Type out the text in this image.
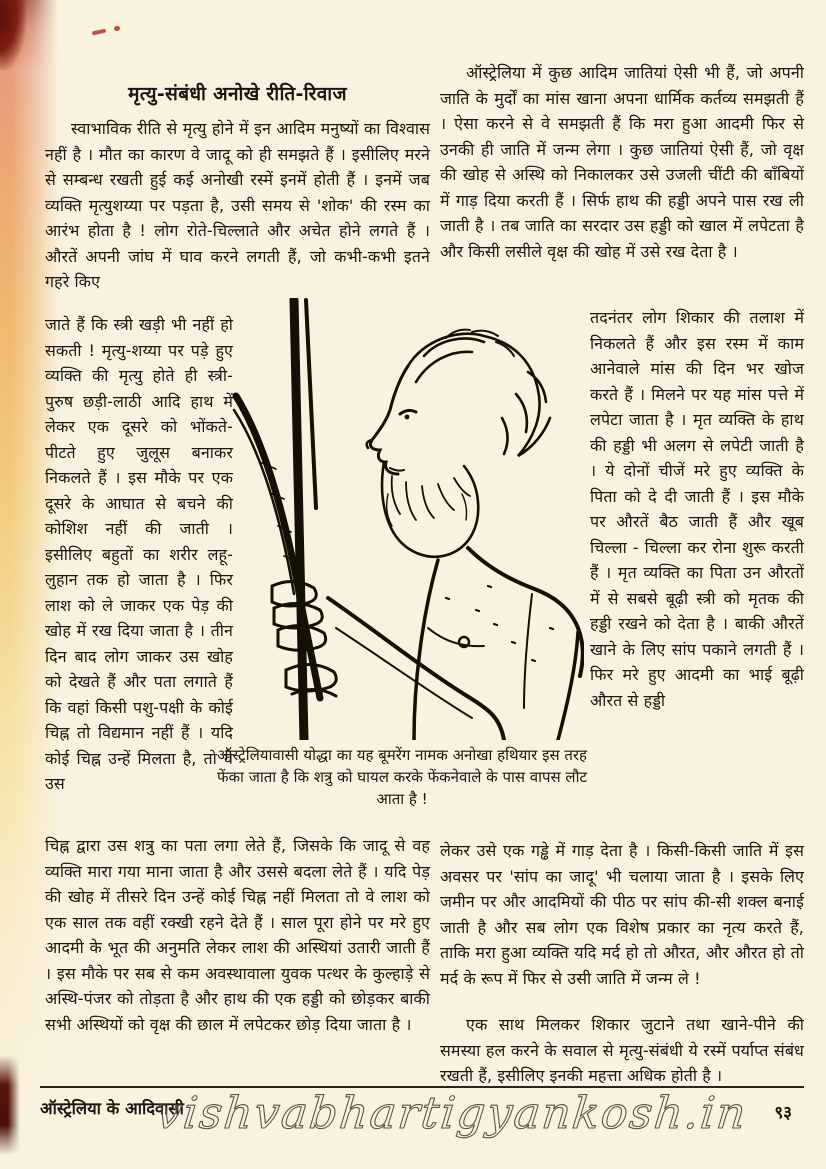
मृत्यु-संबंधी अनोखे रीति-रिवाज

स्वाभाविक रीति से मृत्यु होने में इन आदिम मनुष्यों का विश्वास नहीं है । मौत का कारण वे जादू को ही समझते हैं । इसीलिए मरने से सम्बन्ध रखती हुई कई अनोखी रस्में इनमें होती हैं । इनमें जब व्यक्ति मृत्युशय्या पर पड़ता है, उसी समय से 'शोक' की रस्म का आरंभ होता है ! लोग रोते-चिल्लाते और अचेत होने लगते हैं । औरतें अपनी जांघ में घाव करने लगती हैं, जो कभी-कभी इतने गहरे किए

जाते हैं कि स्त्री खड़ी भी नहीं हो सकती ! मृत्यु-शय्या पर पड़े हुए व्यक्ति की मृत्यु होते ही स्त्री-पुरुष छड़ी-लाठी आदि हाथ में लेकर एक दूसरे को भोंकते-पीटते हुए जुलूस बनाकर निकलते हैं । इस मौके पर एक दूसरे के आघात से बचने की कोशिश नहीं की जाती । इसीलिए बहुतों का शरीर लहू-लुहान तक हो जाता है । फिर लाश को ले जाकर एक पेड़ की खोह में रख दिया जाता है । तीन दिन बाद लोग जाकर उस खोह को देखते हैं और पता लगाते हैं कि वहां किसी पशु-पक्षी के कोई चिह्न तो विद्यमान नहीं हैं । यदि कोई चिह्न उन्हें मिलता है, तो वे उस

चिह्न द्वारा उस शत्रु का पता लगा लेते हैं, जिसके कि जादू से वह व्यक्ति मारा गया माना जाता है और उससे बदला लेते हैं । यदि पेड़ की खोह में तीसरे दिन उन्हें कोई चिह्न नहीं मिलता तो वे लाश को एक साल तक वहीं रक्खी रहने देते हैं । साल पूरा होने पर मरे हुए आदमी के भूत की अनुमति लेकर लाश की अस्थियां उतारी जाती हैं । इस मौके पर सब से कम अवस्थावाला युवक पत्थर के कुल्हाड़े से अस्थि-पंजर को तोड़ता है और हाथ की एक हड्डी को छोड़कर बाकी सभी अस्थियों को वृक्ष की छाल में लपेटकर छोड़ दिया जाता है ।

ऑस्ट्रेलिया में कुछ आदिम जातियां ऐसी भी हैं, जो अपनी जाति के मुर्दों का मांस खाना अपना धार्मिक कर्तव्य समझती हैं । ऐसा करने से वे समझती हैं कि मरा हुआ आदमी फिर से उनकी ही जाति में जन्म लेगा । कुछ जातियां ऐसी हैं, जो वृक्ष की खोह से अस्थि को निकालकर उसे उजली चींटी की बाँबियों में गाड़ दिया करती हैं । सिर्फ हाथ की हड्डी अपने पास रख ली जाती है । तब जाति का सरदार उस हड्डी को खाल में लपेटता है और किसी लसीले वृक्ष की खोह में उसे रख देता है ।

तदनंतर लोग शिकार की तलाश में निकलते हैं और इस रस्म में काम आनेवाले मांस की दिन भर खोज करते हैं । मिलने पर यह मांस पत्ते में लपेटा जाता है । मृत व्यक्ति के हाथ की हड्डी भी अलग से लपेटी जाती है । ये दोनों चीजें मरे हुए व्यक्ति के पिता को दे दी जाती हैं । इस मौके पर औरतें बैठ जाती हैं और खूब चिल्ला - चिल्ला कर रोना शुरू करती हैं । मृत व्यक्ति का पिता उन औरतों में से सबसे बूढ़ी स्त्री को मृतक की हड्डी रखने को देता है । बाकी औरतें खाने के लिए सांप पकाने लगती हैं । फिर मरे हुए आदमी का भाई बूढ़ी औरत से हड्डी

लेकर उसे एक गड्ढे में गाड़ देता है । किसी-किसी जाति में इस अवसर पर 'सांप का जादू' भी चलाया जाता है । इसके लिए जमीन पर और आदमियों की पीठ पर सांप की-सी शक्ल बनाई जाती है और सब लोग एक विशेष प्रकार का नृत्य करते हैं, ताकि मरा हुआ व्यक्ति यदि मर्द हो तो औरत, और औरत हो तो मर्द के रूप में फिर से उसी जाति में जन्म ले !

एक साथ मिलकर शिकार जुटाने तथा खाने-पीने की समस्या हल करने के सवाल से मृत्यु-संबंधी ये रस्में पर्याप्त संबंध रखती हैं, इसीलिए इनकी महत्ता अधिक होती है ।

ऑस्ट्रेलियावासी योद्धा का यह बूमरेंग नामक अनोखा हथियार इस तरह फेंका जाता है कि शत्रु को घायल करके फेंकनेवाले के पास वापस लौट आता है !
ऑस्ट्रेलिया के आदिवासी	९३
vishvabhartigyankosh.in
